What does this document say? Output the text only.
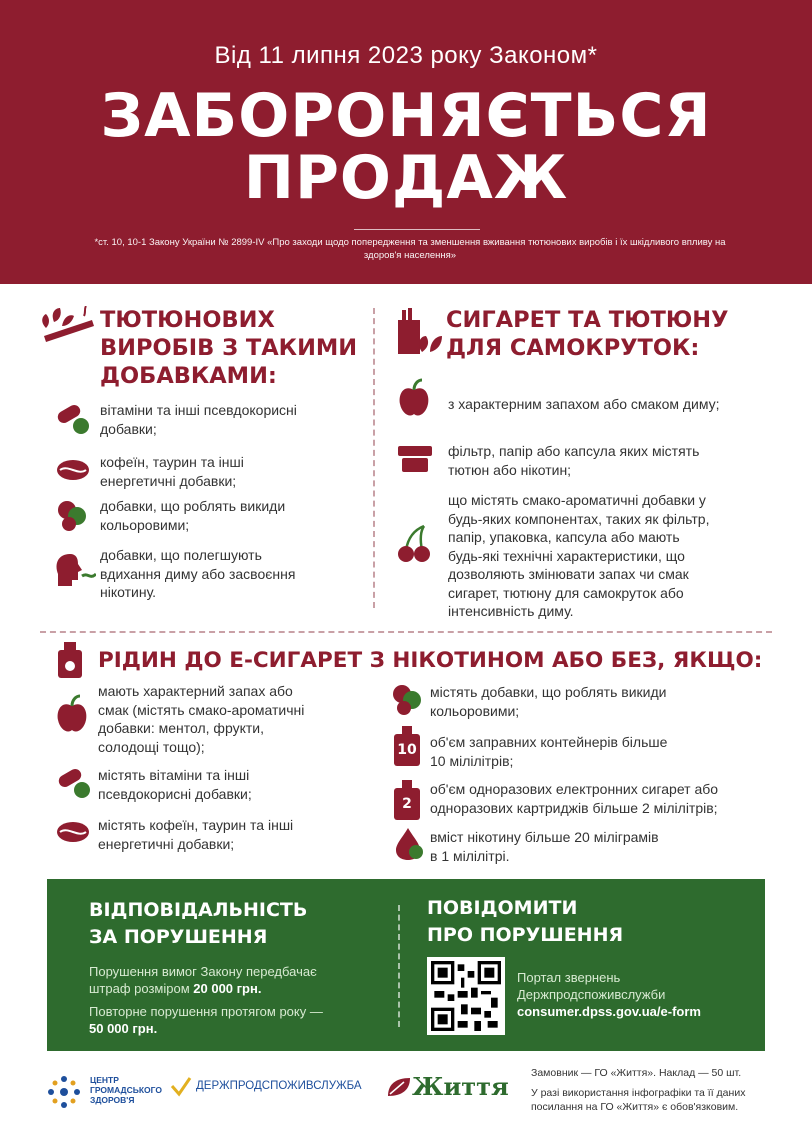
Від 11 липня 2023 року Законом*
ЗАБОРОНЯЄТЬСЯ
ПРОДАЖ
*ст. 10, 10-1 Закону України № 2899-IV «Про заходи щодо попередження та зменшення вживання тютюнових виробів і їх шкідливого впливу на здоров'я населення»
ТЮТЮНОВИХ
ВИРОБІВ З ТАКИМИ
ДОБАВКАМИ:
вітаміни та інші псевдокорисні
добавки;
кофеїн, таурин та інші
енергетичні добавки;
добавки, що роблять викиди
кольоровими;
добавки, що полегшують
вдихання диму або засвоєння
нікотину.
СИГАРЕТ ТА ТЮТЮНУ
ДЛЯ САМОКРУТОК:
з характерним запахом або смаком диму;
фільтр, папір або капсула яких містять
тютюн або нікотин;
що містять смако-ароматичні добавки у
будь-яких компонентах, таких як фільтр,
папір, упаковка, капсула або мають
будь-які технічні характеристики, що
дозволяють змінювати запах чи смак
сигарет, тютюну для самокруток або
інтенсивність диму.
РІДИН ДО Е-СИГАРЕТ З НІКОТИНОМ АБО БЕЗ, ЯКЩО:
мають характерний запах або
смак (містять смако-ароматичні
добавки: ментол, фрукти,
солодощі тощо);
містять вітаміни та інші
псевдокорисні добавки;
містять кофеїн, таурин та інші
енергетичні добавки;
містять добавки, що роблять викиди
кольоровими;
10 об'єм заправних контейнерів більше
10 мілілітрів;
2
об'єм одноразових електронних сигарет або
одноразових картриджів більше 2 мілілітрів;
вміст нікотину більше 20 міліграмів
в 1 мілілітрі.
ВІДПОВІДАЛЬНІСТЬ
ЗА ПОРУШЕННЯ
Порушення вимог Закону передбачає
штраф розміром 20 000 грн.
Повторне порушення протягом року —
50 000 грн.
ПОВІДОМИТИ
ПРО ПОРУШЕННЯ
Портал звернень
Держпродспоживслужби
consumer.dpss.gov.ua/e-form
ЦЕНТР
ГРОМАДСЬКОГО
ЗДОРОВ'Я
ДЕРЖПРОДСПОЖИВСЛУЖБА Життя Замовник — ГО «Життя». Наклад — 50 шт.
У разі використання інфографіки та її даних
посилання на ГО «Життя» є обов'язковим.
